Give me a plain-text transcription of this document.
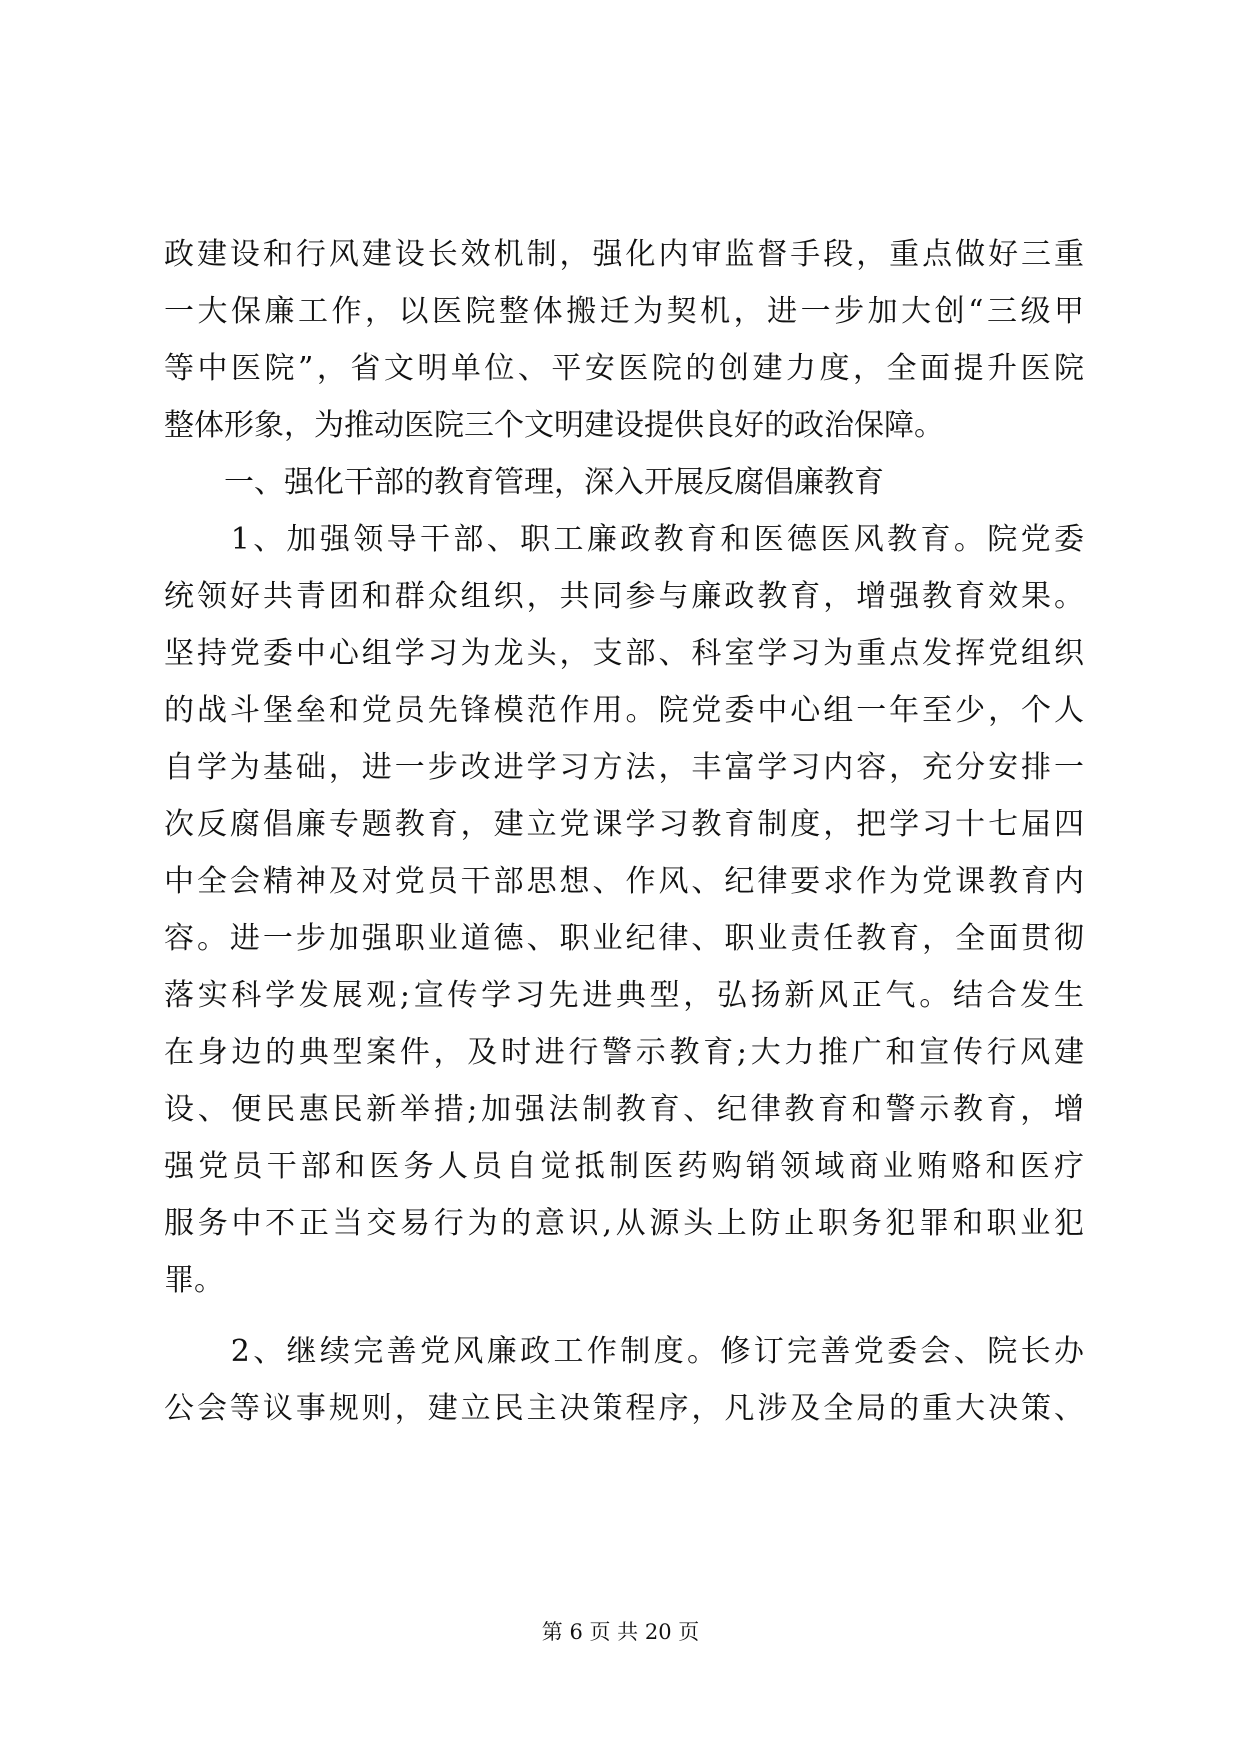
政建设和行风建设长效机制，强化内审监督手段，重点做好三重

一大保廉工作，以医院整体搬迁为契机，进一步加大创“三级甲

等中医院”，省文明单位、平安医院的创建力度，全面提升医院

整体形象，为推动医院三个文明建设提供良好的政治保障。

　　一、强化干部的教育管理，深入开展反腐倡廉教育

　　1、加强领导干部、职工廉政教育和医德医风教育。院党委

统领好共青团和群众组织，共同参与廉政教育，增强教育效果。

坚持党委中心组学习为龙头，支部、科室学习为重点发挥党组织

的战斗堡垒和党员先锋模范作用。院党委中心组一年至少，个人

自学为基础，进一步改进学习方法，丰富学习内容，充分安排一

次反腐倡廉专题教育，建立党课学习教育制度，把学习十七届四

中全会精神及对党员干部思想、作风、纪律要求作为党课教育内

容。进一步加强职业道德、职业纪律、职业责任教育，全面贯彻

落实科学发展观;宣传学习先进典型，弘扬新风正气。结合发生

在身边的典型案件，及时进行警示教育;大力推广和宣传行风建

设、便民惠民新举措;加强法制教育、纪律教育和警示教育，增

强党员干部和医务人员自觉抵制医药购销领域商业贿赂和医疗

服务中不正当交易行为的意识,从源头上防止职务犯罪和职业犯

罪。

　　2、继续完善党风廉政工作制度。修订完善党委会、院长办

公会等议事规则，建立民主决策程序，凡涉及全局的重大决策、

第 6 页 共 20 页
